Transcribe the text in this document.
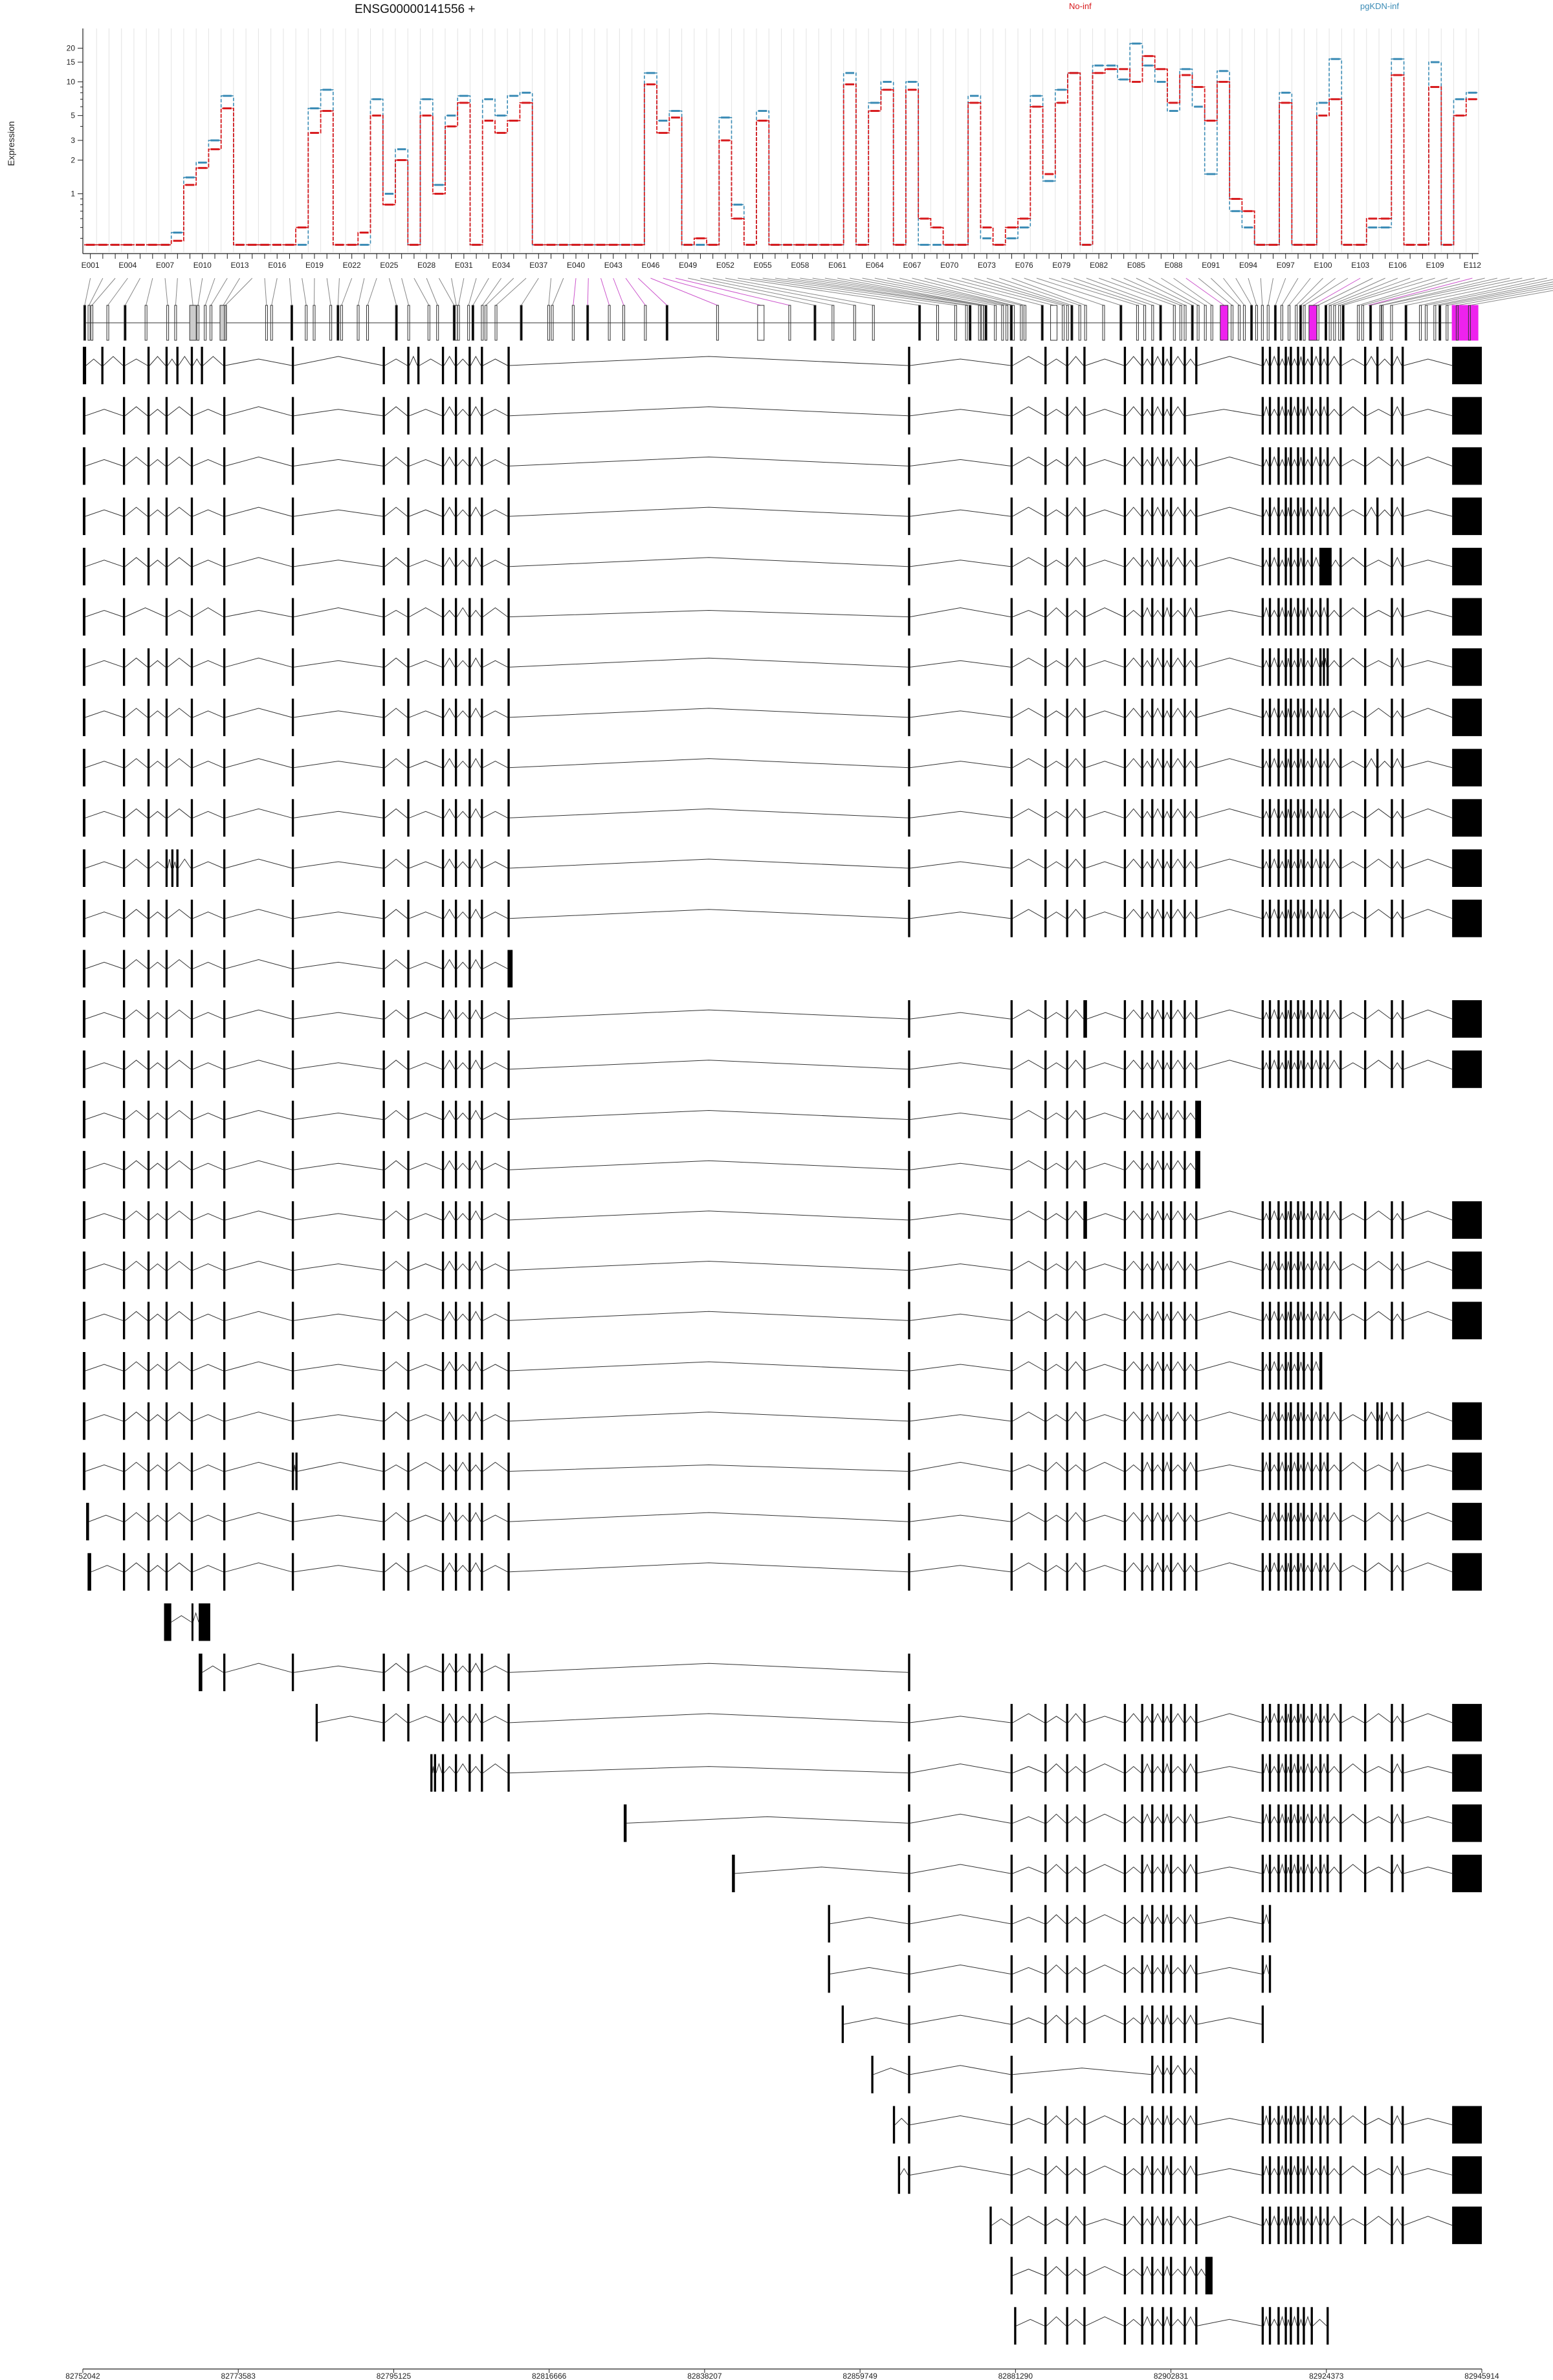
ENSG00000141556 +
Expression
No-inf	pgKDN-inf
1
2
3
5
10
15
20
E001 E004 E007 E010 E013 E016 E019 E022 E025 E028 E031 E034 E037 E040 E043 E046 E049 E052 E055 E058 E061 E064 E067 E070 E073 E076 E079 E082 E085 E088 E091 E094 E097 E100 E103 E106 E109	E112
82752042	82773583	82795125	82816666	82838207	82859749	82881290	82902831	82924373	82945914
